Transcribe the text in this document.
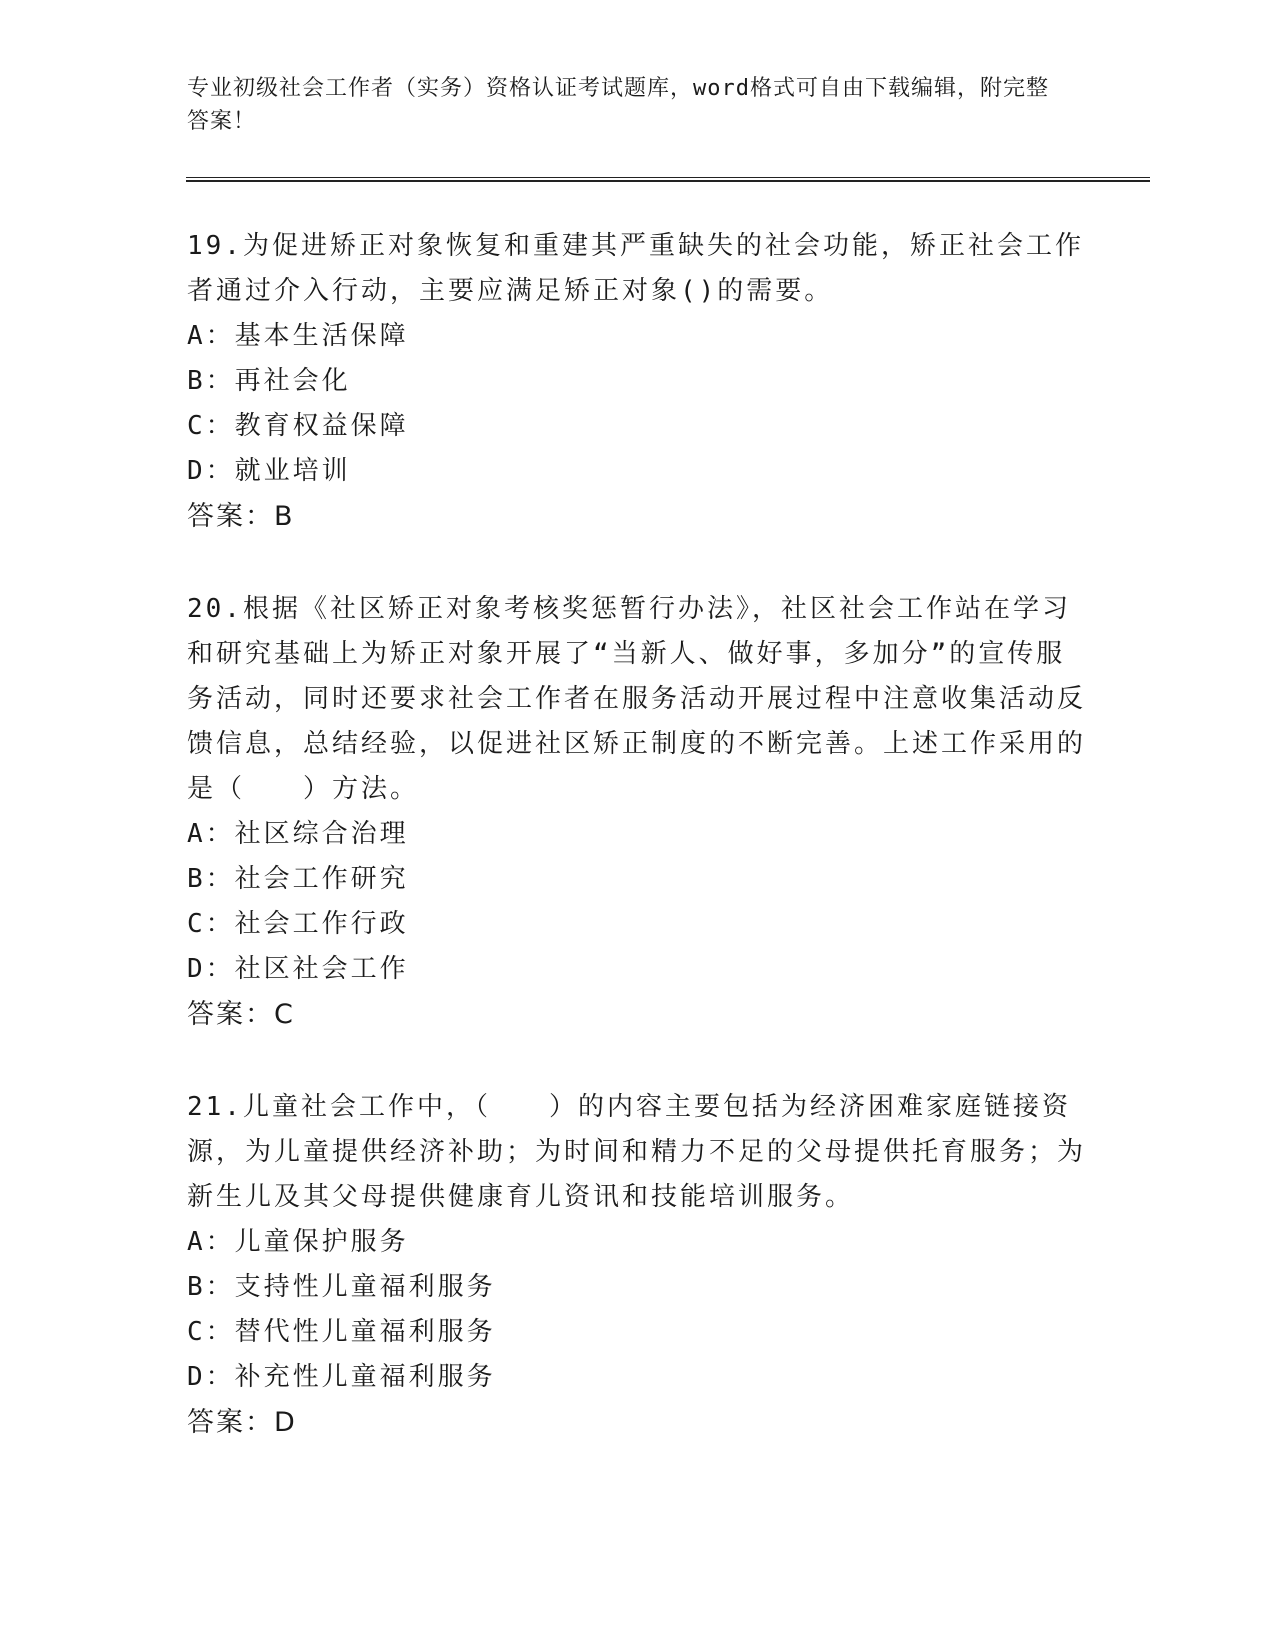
专业初级社会工作者（实务）资格认证考试题库，word格式可自由下载编辑，附完整答案！

19.为促进矫正对象恢复和重建其严重缺失的社会功能，矫正社会工作者通过介入行动，主要应满足矫正对象()的需要。

A：基本生活保障

B：再社会化

C：教育权益保障

D：就业培训

答案：B

20.根据《社区矫正对象考核奖惩暂行办法》，社区社会工作站在学习和研究基础上为矫正对象开展了“当新人、做好事，多加分”的宣传服务活动，同时还要求社会工作者在服务活动开展过程中注意收集活动反馈信息，总结经验，以促进社区矫正制度的不断完善。上述工作采用的是（　　）方法。

A：社区综合治理

B：社会工作研究

C：社会工作行政

D：社区社会工作

答案：C

21.儿童社会工作中，（　　）的内容主要包括为经济困难家庭链接资源，为儿童提供经济补助；为时间和精力不足的父母提供托育服务；为新生儿及其父母提供健康育儿资讯和技能培训服务。

A：儿童保护服务

B：支持性儿童福利服务

C：替代性儿童福利服务

D：补充性儿童福利服务

答案：D
